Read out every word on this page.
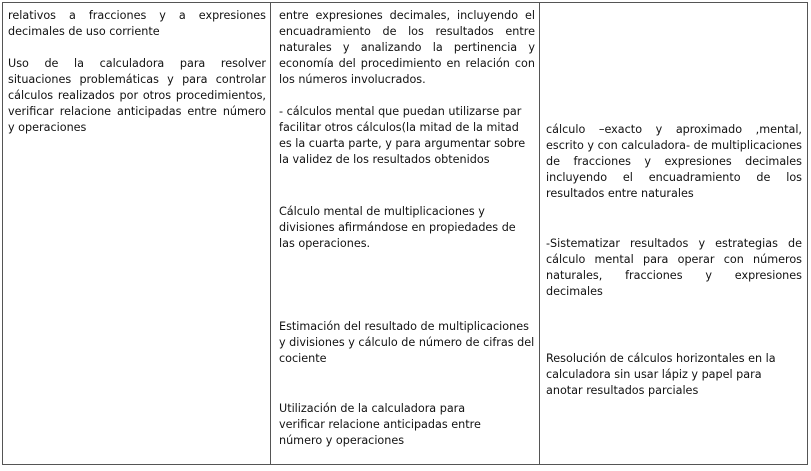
relativos a fracciones y a expresiones decimales de uso corriente

Uso de la calculadora para resolver situaciones problemáticas y para controlar cálculos realizados por otros procedimientos, verificar relacione anticipadas entre número y operaciones

entre expresiones decimales, incluyendo el encuadramiento de los resultados entre naturales y analizando la pertinencia y economía del procedimiento en relación con los números involucrados.

- cálculos mental que puedan utilizarse par facilitar otros cálculos(la mitad de la mitad es la cuarta parte, y para argumentar sobre la validez de los resultados obtenidos

Cálculo mental de multiplicaciones y divisiones afirmándose en propiedades de las operaciones.

Estimación del resultado de multiplicaciones y divisiones y cálculo de número de cifras del cociente

Utilización de la calculadora para verificar relacione anticipadas entre número y operaciones

cálculo –exacto y aproximado ,mental, escrito y con calculadora- de multiplicaciones de fracciones y expresiones decimales incluyendo el encuadramiento de los resultados entre naturales

-Sistematizar resultados y estrategias de cálculo mental para operar con números naturales, fracciones y expresiones decimales

Resolución de cálculos horizontales en la calculadora sin usar lápiz y papel para anotar resultados parciales
